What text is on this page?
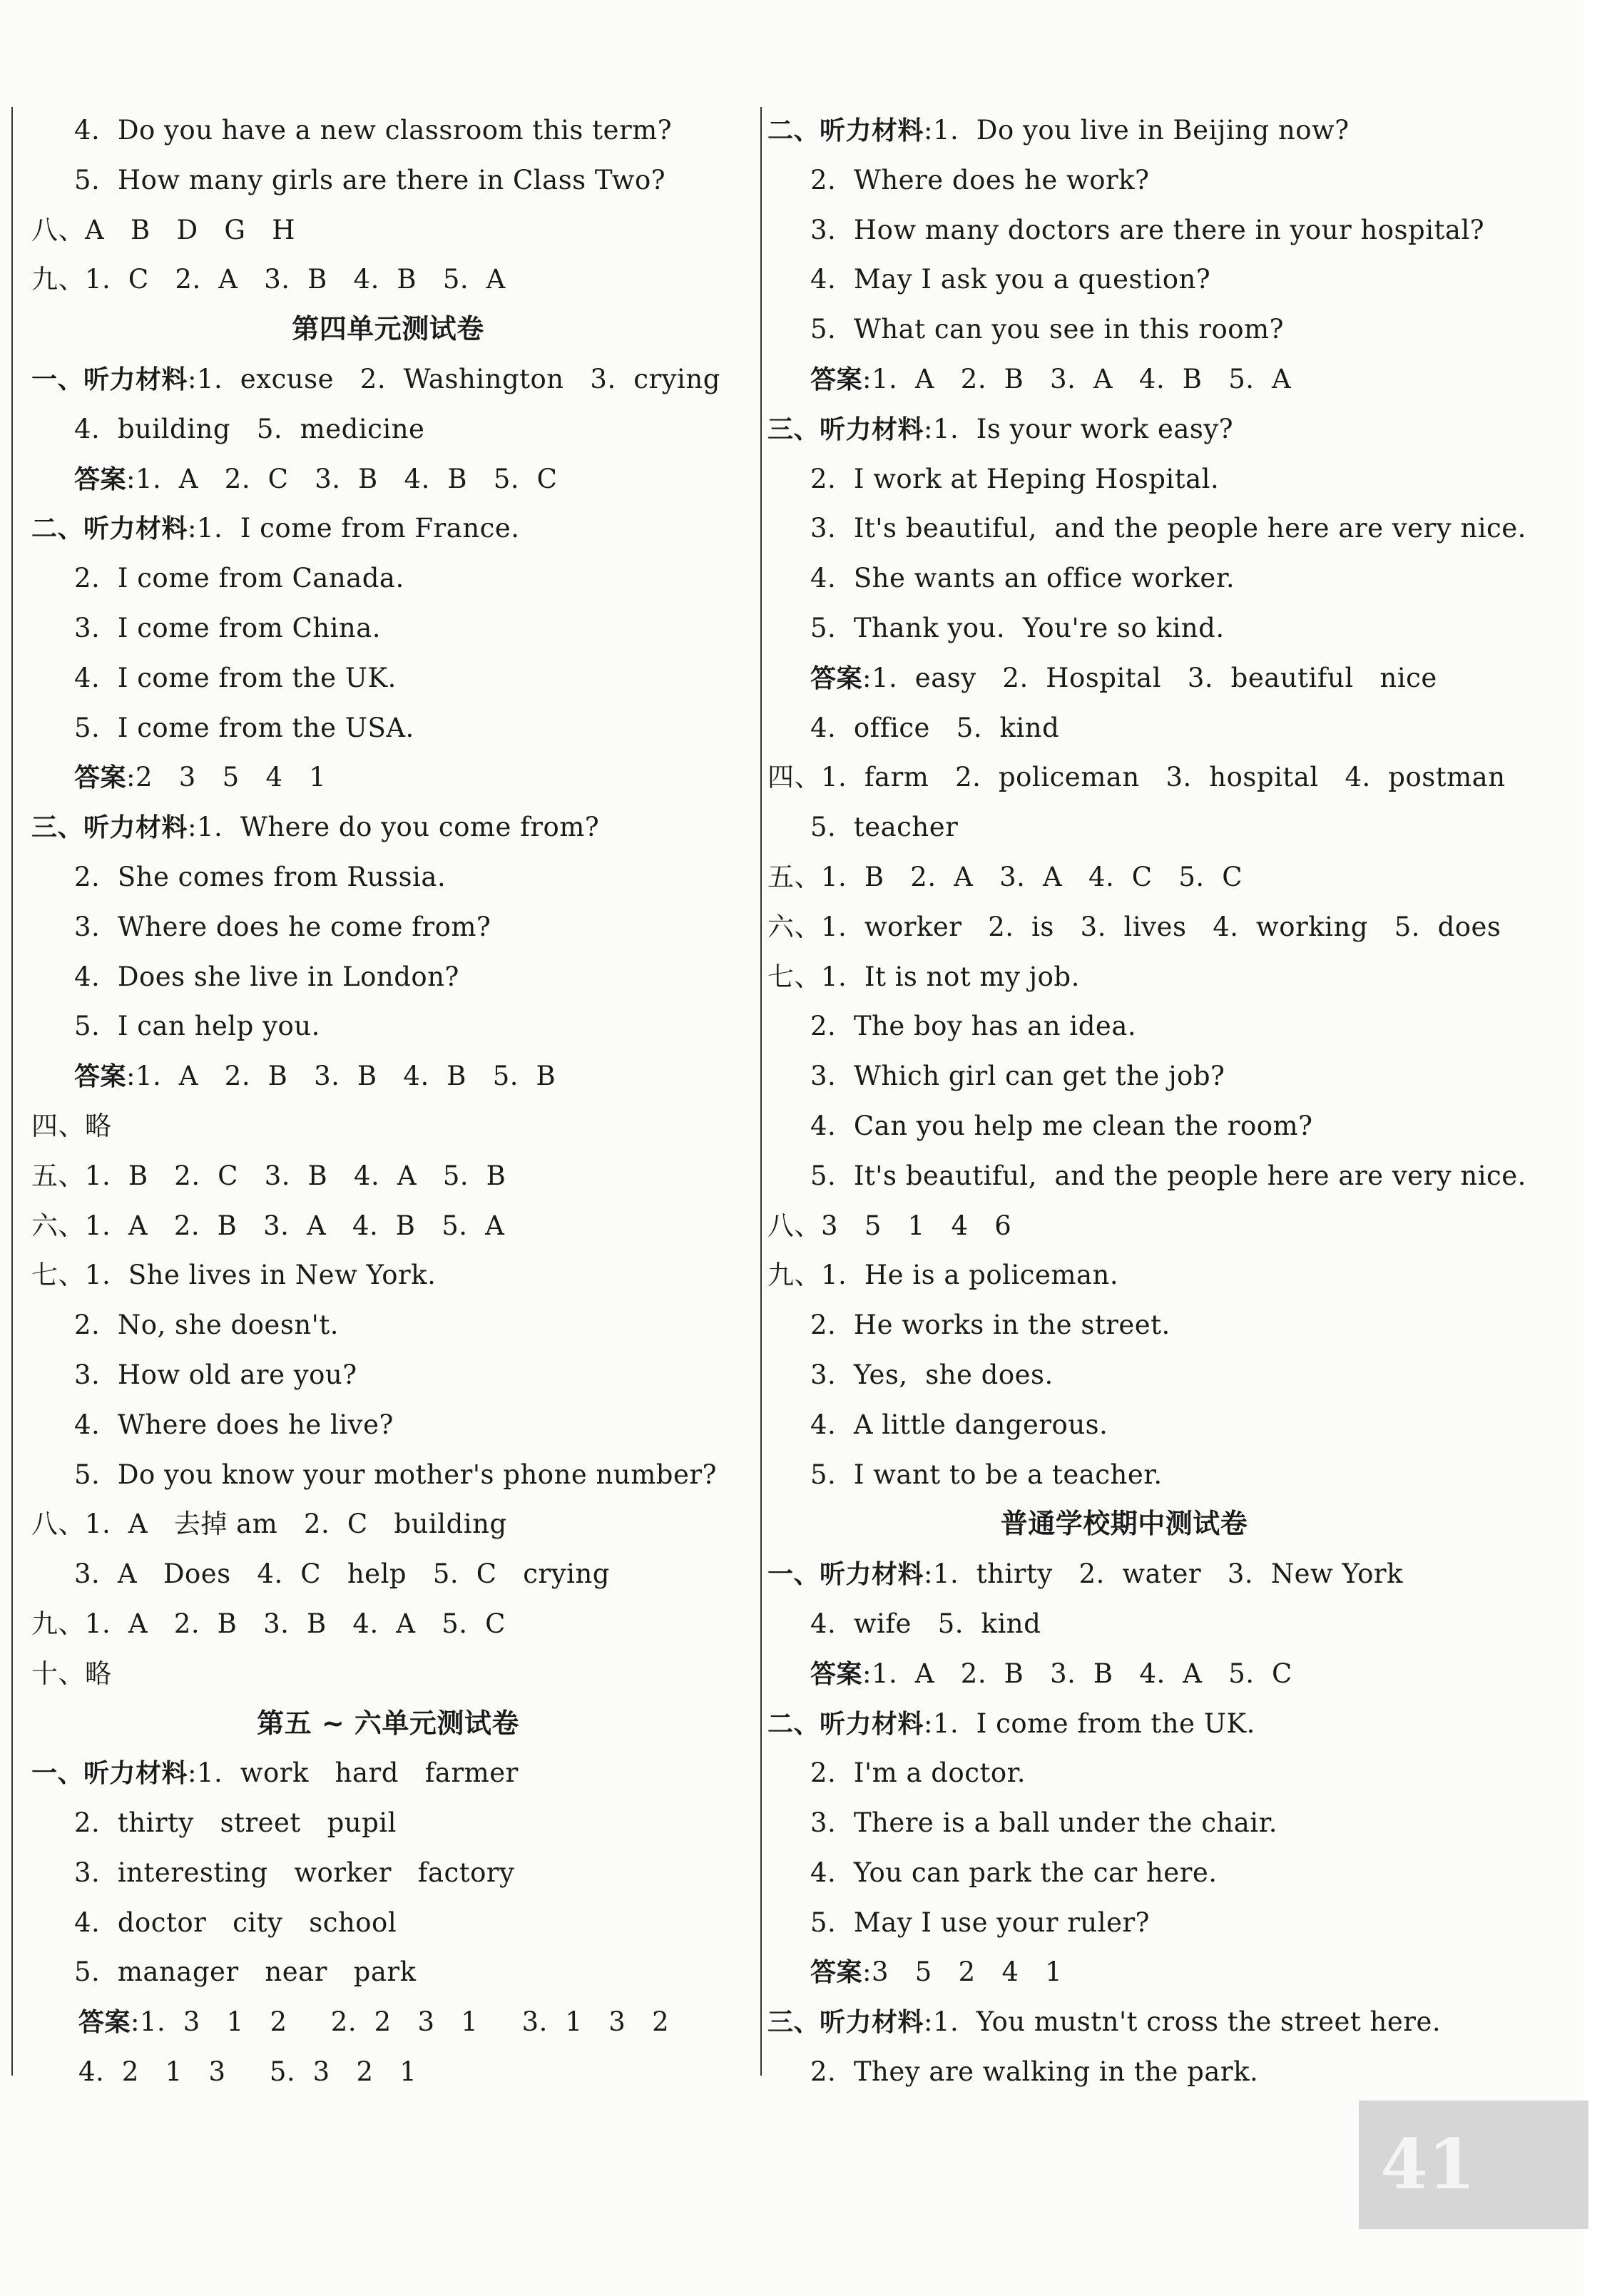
4.  Do you have a new classroom this term?
5.  How many girls are there in Class Two?
八、A   B   D   G   H
九、1.  C   2.  A   3.  B   4.  B   5.  A
第四单元测试卷
一、听力材料:1.  excuse   2.  Washington   3.  crying
4.  building   5.  medicine
答案:1.  A   2.  C   3.  B   4.  B   5.  C
二、听力材料:1.  I come from France.
2.  I come from Canada.
3.  I come from China.
4.  I come from the UK.
5.  I come from the USA.
答案:2   3   5   4   1
三、听力材料:1.  Where do you come from?
2.  She comes from Russia.
3.  Where does he come from?
4.  Does she live in London?
5.  I can help you.
答案:1.  A   2.  B   3.  B   4.  B   5.  B
四、略
五、1.  B   2.  C   3.  B   4.  A   5.  B
六、1.  A   2.  B   3.  A   4.  B   5.  A
七、1.  She lives in New York.
2.  No, she doesn't.
3.  How old are you?
4.  Where does he live?
5.  Do you know your mother's phone number?
八、1.  A   去掉 am   2.  C   building
3.  A   Does   4.  C   help   5.  C   crying
九、1.  A   2.  B   3.  B   4.  A   5.  C
十、略
第五 ~ 六单元测试卷
一、听力材料:1.  work   hard   farmer
2.  thirty   street   pupil
3.  interesting   worker   factory
4.  doctor   city   school
5.  manager   near   park
答案:1.  3   1   2     2.  2   3   1     3.  1   3   2
4.  2   1   3     5.  3   2   1
二、听力材料:1.  Do you live in Beijing now?
2.  Where does he work?
3.  How many doctors are there in your hospital?
4.  May I ask you a question?
5.  What can you see in this room?
答案:1.  A   2.  B   3.  A   4.  B   5.  A
三、听力材料:1.  Is your work easy?
2.  I work at Heping Hospital.
3.  It's beautiful,  and the people here are very nice.
4.  She wants an office worker.
5.  Thank you.  You're so kind.
答案:1.  easy   2.  Hospital   3.  beautiful   nice
4.  office   5.  kind
四、1.  farm   2.  policeman   3.  hospital   4.  postman
5.  teacher
五、1.  B   2.  A   3.  A   4.  C   5.  C
六、1.  worker   2.  is   3.  lives   4.  working   5.  does
七、1.  It is not my job.
2.  The boy has an idea.
3.  Which girl can get the job?
4.  Can you help me clean the room?
5.  It's beautiful,  and the people here are very nice.
八、3   5   1   4   6
九、1.  He is a policeman.
2.  He works in the street.
3.  Yes,  she does.
4.  A little dangerous.
5.  I want to be a teacher.
普通学校期中测试卷
一、听力材料:1.  thirty   2.  water   3.  New York
4.  wife   5.  kind
答案:1.  A   2.  B   3.  B   4.  A   5.  C
二、听力材料:1.  I come from the UK.
2.  I'm a doctor.
3.  There is a ball under the chair.
4.  You can park the car here.
5.  May I use your ruler?
答案:3   5   2   4   1
三、听力材料:1.  You mustn't cross the street here.
2.  They are walking in the park.
41
